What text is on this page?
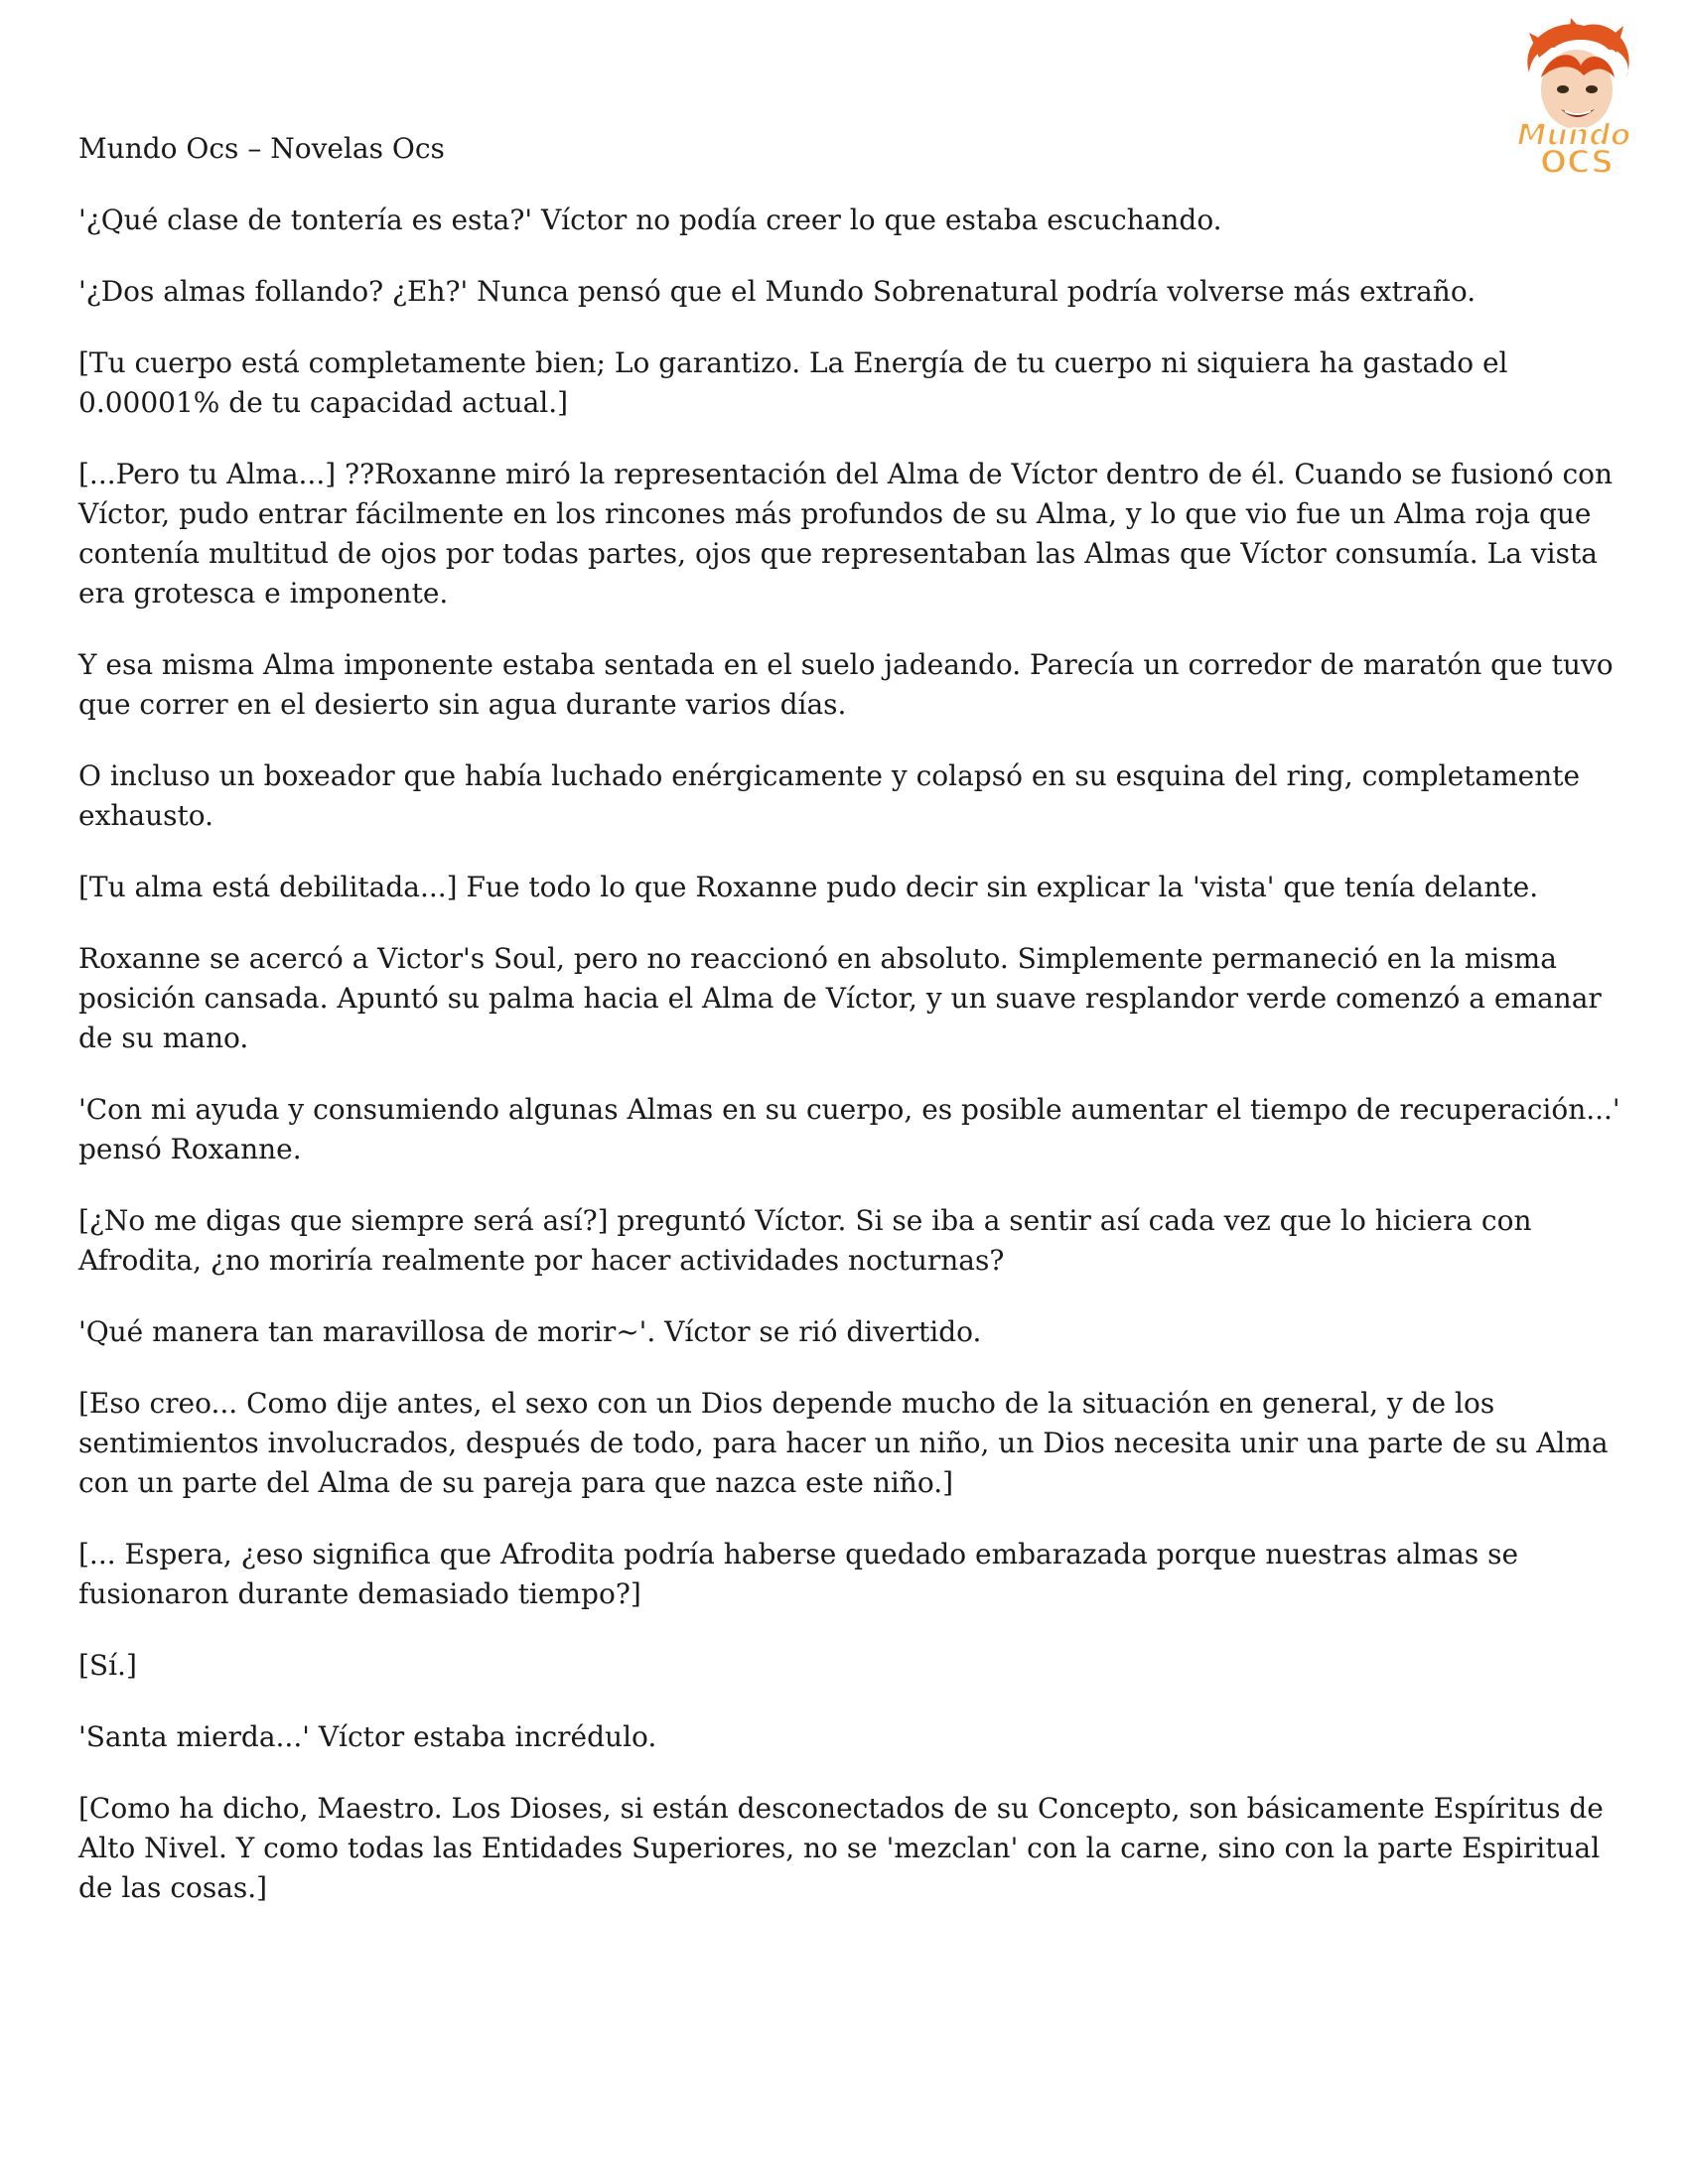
Mundo
OCS

Mundo Ocs – Novelas Ocs

'¿Qué clase de tontería es esta?' Víctor no podía creer lo que estaba escuchando.

'¿Dos almas follando? ¿Eh?' Nunca pensó que el Mundo Sobrenatural podría volverse más extraño.

[Tu cuerpo está completamente bien; Lo garantizo. La Energía de tu cuerpo ni siquiera ha gastado el 0.00001% de tu capacidad actual.]

[...Pero tu Alma...] ??Roxanne miró la representación del Alma de Víctor dentro de él. Cuando se fusionó con Víctor, pudo entrar fácilmente en los rincones más profundos de su Alma, y lo que vio fue un Alma roja que contenía multitud de ojos por todas partes, ojos que representaban las Almas que Víctor consumía. La vista era grotesca e imponente.

Y esa misma Alma imponente estaba sentada en el suelo jadeando. Parecía un corredor de maratón que tuvo que correr en el desierto sin agua durante varios días.

O incluso un boxeador que había luchado enérgicamente y colapsó en su esquina del ring, completamente exhausto.

[Tu alma está debilitada...] Fue todo lo que Roxanne pudo decir sin explicar la 'vista' que tenía delante.

Roxanne se acercó a Victor's Soul, pero no reaccionó en absoluto. Simplemente permaneció en la misma posición cansada. Apuntó su palma hacia el Alma de Víctor, y un suave resplandor verde comenzó a emanar de su mano.

'Con mi ayuda y consumiendo algunas Almas en su cuerpo, es posible aumentar el tiempo de recuperación...' pensó Roxanne.

[¿No me digas que siempre será así?] preguntó Víctor. Si se iba a sentir así cada vez que lo hiciera con Afrodita, ¿no moriría realmente por hacer actividades nocturnas?

'Qué manera tan maravillosa de morir~'. Víctor se rió divertido.

[Eso creo... Como dije antes, el sexo con un Dios depende mucho de la situación en general, y de los sentimientos involucrados, después de todo, para hacer un niño, un Dios necesita unir una parte de su Alma con un parte del Alma de su pareja para que nazca este niño.]

[... Espera, ¿eso significa que Afrodita podría haberse quedado embarazada porque nuestras almas se fusionaron durante demasiado tiempo?]

[Sí.]

'Santa mierda...' Víctor estaba incrédulo.

[Como ha dicho, Maestro. Los Dioses, si están desconectados de su Concepto, son básicamente Espíritus de Alto Nivel. Y como todas las Entidades Superiores, no se 'mezclan' con la carne, sino con la parte Espiritual de las cosas.]
